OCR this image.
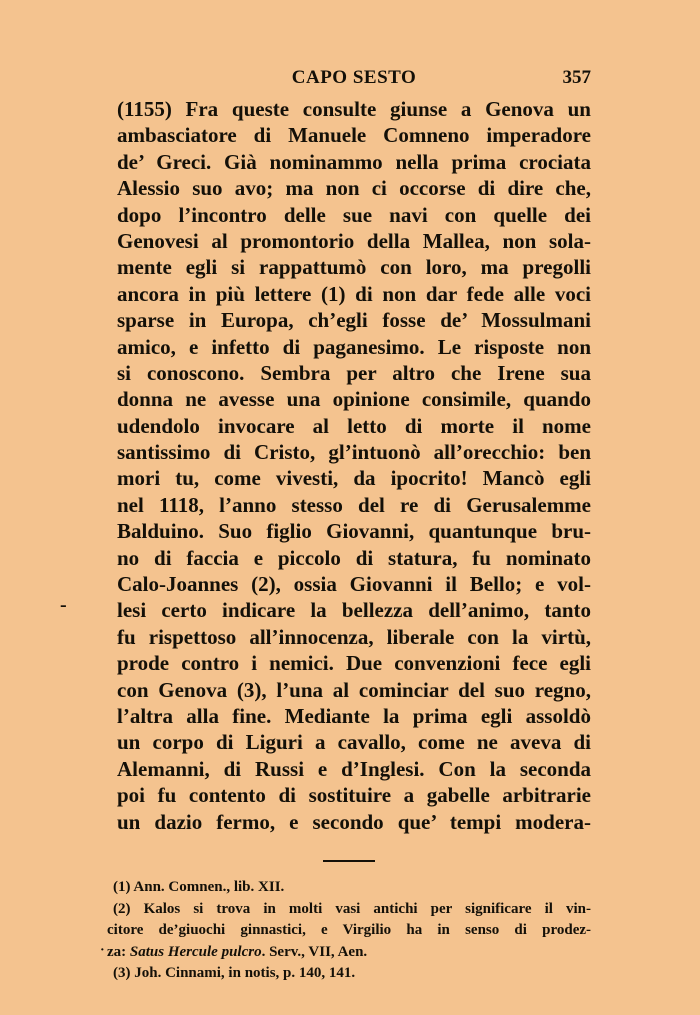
CAPO SESTO	357
(1155) Fra queste consulte giunse a Genova un
ambasciatore di Manuele Comneno imperadore
de’ Greci. Già nominammo nella prima crociata
Alessio suo avo; ma non ci occorse di dire che,
dopo l’incontro delle sue navi con quelle dei
Genovesi al promontorio della Mallea, non sola-
mente egli si rappattumò con loro, ma pregolli
ancora in più lettere (1) di non dar fede alle voci
sparse in Europa, ch’egli fosse de’ Mossulmani
amico, e infetto di paganesimo. Le risposte non
si conoscono. Sembra per altro che Irene sua
donna ne avesse una opinione consimile, quando
udendolo invocare al letto di morte il nome
santissimo di Cristo, gl’intuonò all’orecchio: ben
mori tu, come vivesti, da ipocrito! Mancò egli
nel 1118, l’anno stesso del re di Gerusalemme
Balduino. Suo figlio Giovanni, quantunque bru-
no di faccia e piccolo di statura, fu nominato
Calo-Joannes (2), ossia Giovanni il Bello; e vol-
lesi certo indicare la bellezza dell’animo, tanto
fu rispettoso all’innocenza, liberale con la virtù,
prode contro i nemici. Due convenzioni fece egli
con Genova (3), l’una al cominciar del suo regno,
l’altra alla fine. Mediante la prima egli assoldò
un corpo di Liguri a cavallo, come ne aveva di
Alemanni, di Russi e d’Inglesi. Con la seconda
poi fu contento di sostituire a gabelle arbitrarie
un dazio fermo, e secondo que’ tempi modera-
-
(1) Ann. Comnen., lib. XII.
(2) Kalos si trova in molti vasi antichi per significare il vin-
citore de’giuochi ginnastici, e Virgilio ha in senso di prodez-
za: Satus Hercule pulcro. Serv., VII, Aen.
(3) Joh. Cinnami, in notis, p. 140, 141.
·
